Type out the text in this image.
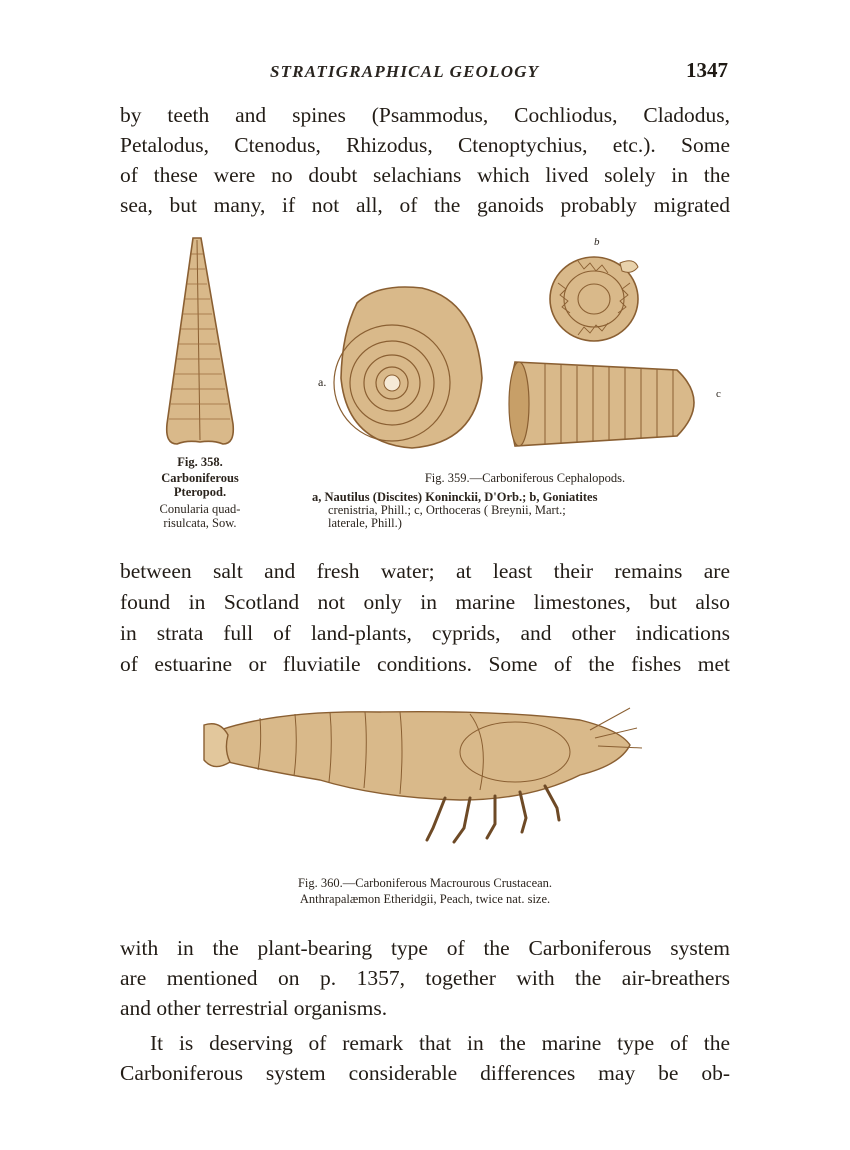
STRATIGRAPHICAL GEOLOGY	1347
by teeth and spines (Psammodus, Cochliodus, Cladodus,
Petalodus, Ctenodus, Rhizodus, Ctenoptychius, etc.). Some
of these were no doubt selachians which lived solely in the
sea, but many, if not all, of the ganoids probably migrated
Fig. 358.
Carboniferous
Pteropod.
Conularia quad-
risulcata, Sow.
a.
b
c
Fig. 359.—Carboniferous Cephalopods.
a, Nautilus (Discites) Koninckii, D'Orb.; b, Goniatites
crenistria, Phill.; c, Orthoceras ( Breynii, Mart.;
laterale, Phill.)
between salt and fresh water; at least their remains are
found in Scotland not only in marine limestones, but also
in strata full of land-plants, cyprids, and other indications
of estuarine or fluviatile conditions. Some of the fishes met
Fig. 360.—Carboniferous Macrourous Crustacean.
Anthrapalæmon Etheridgii, Peach, twice nat. size.
with in the plant-bearing type of the Carboniferous system
are mentioned on p. 1357, together with the air-breathers
and other terrestrial organisms.
It is deserving of remark that in the marine type of the
Carboniferous system considerable differences may be ob-
